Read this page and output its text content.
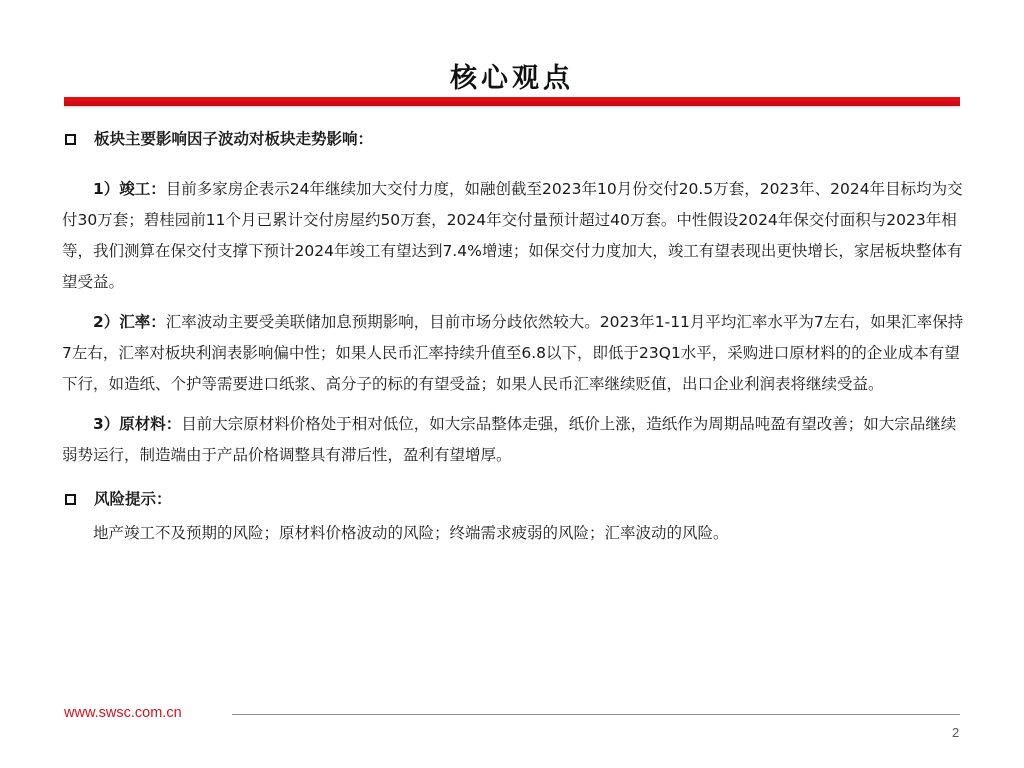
核心观点
板块主要影响因子波动对板块走势影响：

1）竣工：目前多家房企表示24年继续加大交付力度，如融创截至2023年10月份交付20.5万套，2023年、2024年目标均为交付30万套；碧桂园前11个月已累计交付房屋约50万套，2024年交付量预计超过40万套。中性假设2024年保交付面积与2023年相等，我们测算在保交付支撑下预计2024年竣工有望达到7.4%增速；如保交付力度加大，竣工有望表现出更快增长，家居板块整体有望受益。

2）汇率：汇率波动主要受美联储加息预期影响，目前市场分歧依然较大。2023年1-11月平均汇率水平为7左右，如果汇率保持7左右，汇率对板块利润表影响偏中性；如果人民币汇率持续升值至6.8以下，即低于23Q1水平，采购进口原材料的的企业成本有望下行，如造纸、个护等需要进口纸浆、高分子的标的有望受益；如果人民币汇率继续贬值，出口企业利润表将继续受益。

3）原材料：目前大宗原材料价格处于相对低位，如大宗品整体走强，纸价上涨，造纸作为周期品吨盈有望改善；如大宗品继续弱势运行，制造端由于产品价格调整具有滞后性，盈利有望增厚。

风险提示：
地产竣工不及预期的风险；原材料价格波动的风险；终端需求疲弱的风险；汇率波动的风险。
www.swsc.com.cn
2
